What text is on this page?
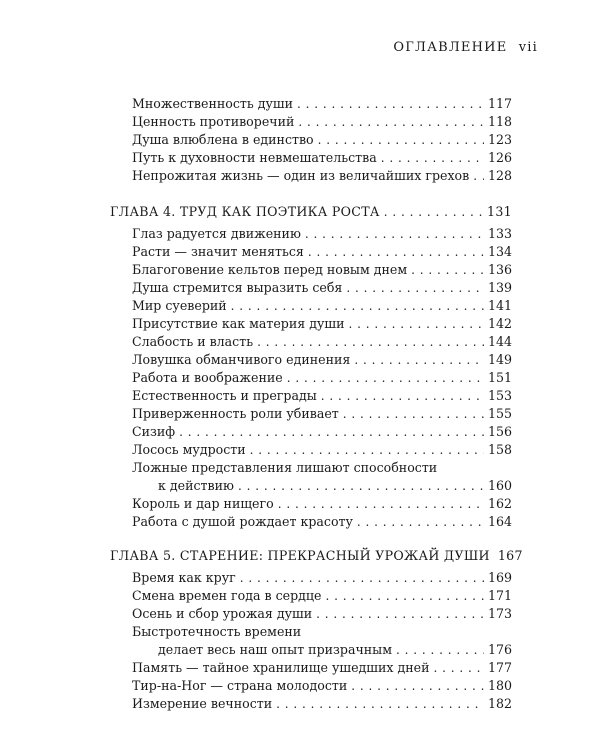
ОГЛАВЛЕНИЕ vii
Множественность души . . .	117
Ценность противоречий . . .	118
Душа влюблена в единство . . .	123
Путь к духовности невмешательства . . .	126
Непрожитая жизнь — один из величайших грехов . . . 128
ГЛАВА 4. ТРУД КАК ПОЭТИКА РОСТА . . .	131
Глаз радуется движению . . .	133
Расти — значит меняться . . .	134
Благоговение кельтов перед новым днем . . .	136
Душа стремится выразить себя . . .	139
Мир суеверий . . .	141
Присутствие как материя души . . .	142
Слабость и власть . . .	144
Ловушка обманчивого единения . . .	149
Работа и воображение . . .	151
Естественность и преграды . . .	153
Приверженность роли убивает . . .	155
Сизиф . . .	156
Лосось мудрости . . .	158
Ложные представления лишают способности
к действию . . .	160
Король и дар нищего . . .	162
Работа с душой рождает красоту . . .	164
ГЛАВА 5. СТАРЕНИЕ: ПРЕКРАСНЫЙ УРОЖАЙ ДУШИ 167
Время как круг . . .	169
Смена времен года в сердце . . .	171
Осень и сбор урожая души . . .	173
Быстротечность времени
делает весь наш опыт призрачным . . .	176
Память — тайное хранилище ушедших дней . . .	177
Тир-на-Ног — страна молодости . . .	180
Измерение вечности . . .	182
